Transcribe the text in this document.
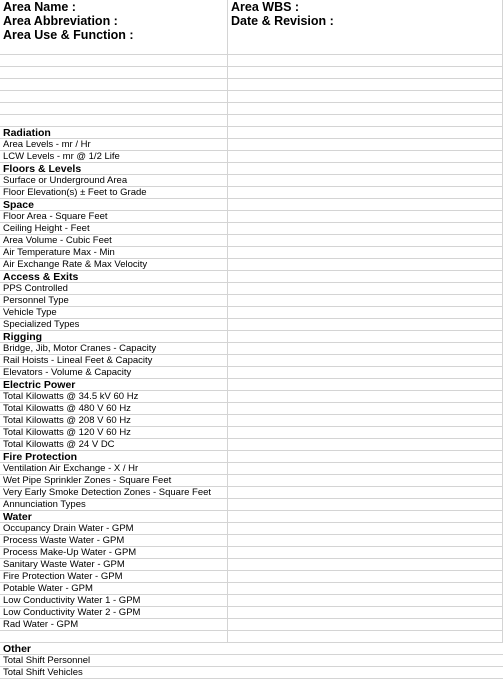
Area Name :	Area WBS :
Area Abbreviation :	Date & Revision :
Area Use & Function :
Radiation
Area Levels - mr / Hr
LCW Levels - mr @ 1/2 Life
Floors & Levels
Surface or Underground Area
Floor Elevation(s) ± Feet to Grade
Space
Floor Area - Square Feet
Ceiling Height - Feet
Area Volume - Cubic Feet
Air Temperature Max - Min
Air Exchange Rate & Max Velocity
Access & Exits
PPS Controlled
Personnel Type
Vehicle Type
Specialized Types
Rigging
Bridge, Jib, Motor Cranes - Capacity
Rail Hoists - Lineal Feet & Capacity
Elevators - Volume & Capacity
Electric Power
Total Kilowatts @ 34.5 kV 60 Hz
Total Kilowatts @ 480 V 60 Hz
Total Kilowatts @ 208 V 60 Hz
Total Kilowatts @ 120 V 60 Hz
Total Kilowatts @ 24 V DC
Fire Protection
Ventilation Air Exchange - X / Hr
Wet Pipe Sprinkler Zones - Square Feet
Very Early Smoke Detection Zones - Square Feet
Annunciation Types
Water
Occupancy Drain Water - GPM
Process Waste Water - GPM
Process Make-Up Water - GPM
Sanitary Waste Water - GPM
Fire Protection Water - GPM
Potable Water - GPM
Low Conductivity Water 1 - GPM
Low Conductivity Water 2 - GPM
Rad Water - GPM
Other
Total Shift Personnel
Total Shift Vehicles
